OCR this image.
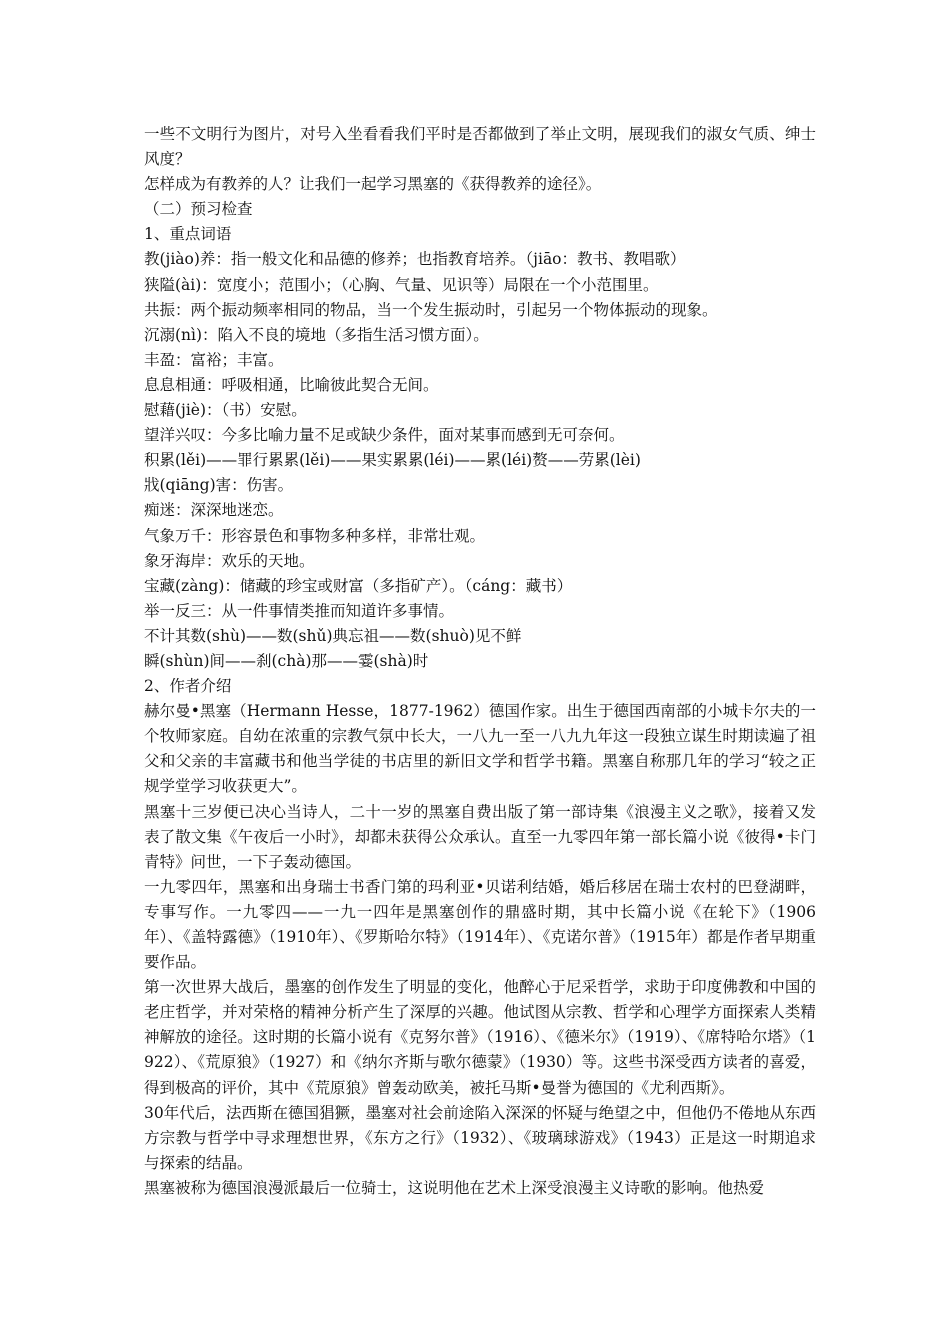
一些不文明行为图片，对号入坐看看我们平时是否都做到了举止文明，展现我们的淑女气质、绅士风度？

怎样成为有教养的人？让我们一起学习黑塞的《获得教养的途径》。

（二）预习检查

1、重点词语

教(jiào)养：指一般文化和品德的修养；也指教育培养。（jiāo：教书、教唱歌）

狭隘(ài)：宽度小；范围小；（心胸、气量、见识等）局限在一个小范围里。

共振：两个振动频率相同的物品，当一个发生振动时，引起另一个物体振动的现象。

沉溺(nì)：陷入不良的境地（多指生活习惯方面）。

丰盈：富裕；丰富。

息息相通：呼吸相通，比喻彼此契合无间。

慰藉(jiè)：（书）安慰。

望洋兴叹：今多比喻力量不足或缺少条件，面对某事而感到无可奈何。

积累(lěi)——罪行累累(lěi)——果实累累(léi)——累(léi)赘——劳累(lèi)

戕(qiāng)害：伤害。

痴迷：深深地迷恋。

气象万千：形容景色和事物多种多样，非常壮观。

象牙海岸：欢乐的天地。

宝藏(zàng)：储藏的珍宝或财富（多指矿产）。（cáng：藏书）

举一反三：从一件事情类推而知道许多事情。

不计其数(shù)——数(shǔ)典忘祖——数(shuò)见不鲜

瞬(shùn)间——刹(chà)那——霎(shà)时

2、作者介绍

赫尔曼•黑塞（Hermann Hesse，1877-1962）德国作家。出生于德国西南部的小城卡尔夫的一个牧师家庭。自幼在浓重的宗教气氛中长大，一八九一至一八九九年这一段独立谋生时期读遍了祖父和父亲的丰富藏书和他当学徒的书店里的新旧文学和哲学书籍。黑塞自称那几年的学习“较之正规学堂学习收获更大”。

黑塞十三岁便已决心当诗人，二十一岁的黑塞自费出版了第一部诗集《浪漫主义之歌》，接着又发表了散文集《午夜后一小时》，却都未获得公众承认。直至一九零四年第一部长篇小说《彼得•卡门青特》问世，一下子轰动德国。

一九零四年，黑塞和出身瑞士书香门第的玛利亚•贝诺利结婚，婚后移居在瑞士农村的巴登湖畔，专事写作。一九零四——一九一四年是黑塞创作的鼎盛时期，其中长篇小说《在轮下》（1906年）、《盖特露德》（1910年）、《罗斯哈尔特》（1914年）、《克诺尔普》（1915年）都是作者早期重要作品。

第一次世界大战后，墨塞的创作发生了明显的变化，他醉心于尼采哲学，求助于印度佛教和中国的老庄哲学，并对荣格的精神分析产生了深厚的兴趣。他试图从宗教、哲学和心理学方面探索人类精神解放的途径。这时期的长篇小说有《克努尔普》（1916）、《德米尔》（1919）、《席特哈尔塔》（1922）、《荒原狼》（1927）和《纳尔齐斯与歌尔德蒙》（1930）等。这些书深受西方读者的喜爱，得到极高的评价，其中《荒原狼》曾轰动欧美，被托马斯•曼誉为德国的《尤利西斯》。

30年代后，法西斯在德国猖獗，墨塞对社会前途陷入深深的怀疑与绝望之中，但他仍不倦地从东西方宗教与哲学中寻求理想世界，《东方之行》（1932）、《玻璃球游戏》（1943）正是这一时期追求与探索的结晶。

黑塞被称为德国浪漫派最后一位骑士，这说明他在艺术上深受浪漫主义诗歌的影响。他热爱
